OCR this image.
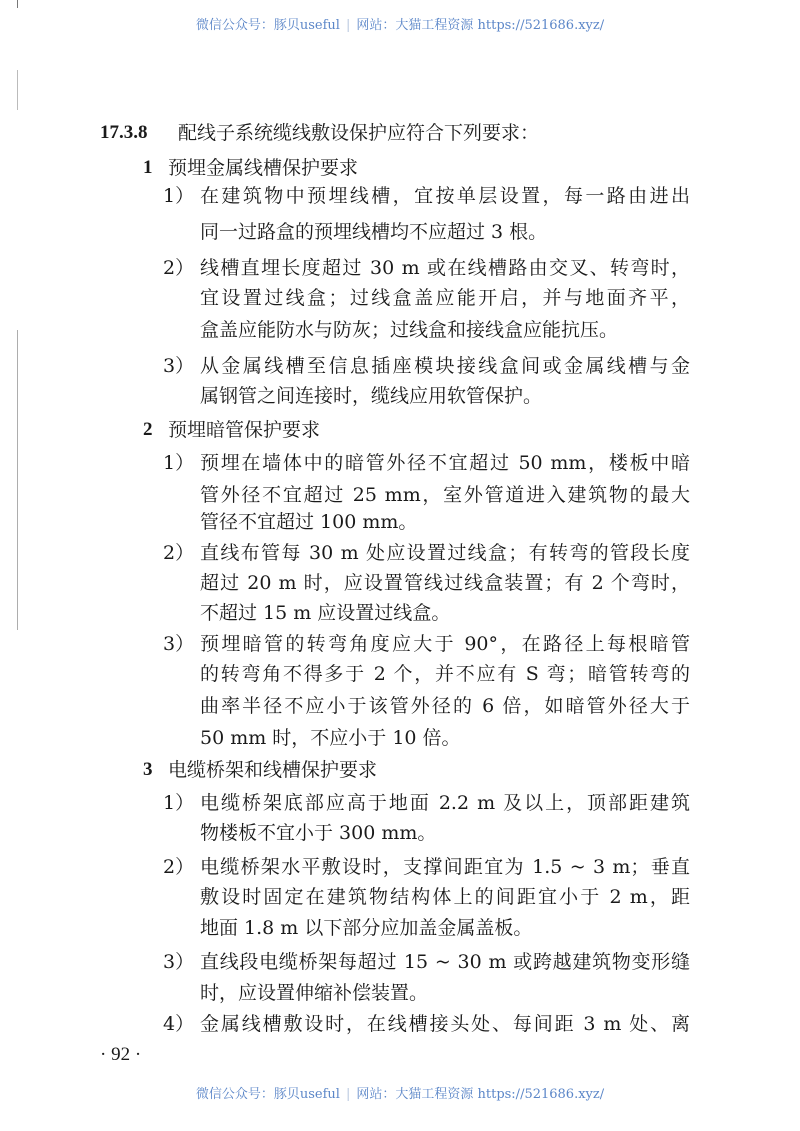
微信公众号：豚贝useful | 网站：大猫工程资源 https://521686.xyz/
17.3.8 配线子系统缆线敷设保护应符合下列要求：
1 预埋金属线槽保护要求
1） 在建筑物中预埋线槽，宜按单层设置，每一路由进出
同一过路盒的预埋线槽均不应超过 3 根。
2） 线槽直埋长度超过 30 m 或在线槽路由交叉、转弯时，
宜设置过线盒；过线盒盖应能开启，并与地面齐平，
盒盖应能防水与防灰；过线盒和接线盒应能抗压。
3） 从金属线槽至信息插座模块接线盒间或金属线槽与金
属钢管之间连接时，缆线应用软管保护。
2 预埋暗管保护要求
1） 预埋在墙体中的暗管外径不宜超过 50 mm，楼板中暗
管外径不宜超过 25 mm，室外管道进入建筑物的最大
管径不宜超过 100 mm。
2） 直线布管每 30 m 处应设置过线盒；有转弯的管段长度
超过 20 m 时，应设置管线过线盒装置；有 2 个弯时，
不超过 15 m 应设置过线盒。
3） 预埋暗管的转弯角度应大于 90°，在路径上每根暗管
的转弯角不得多于 2 个，并不应有 S 弯；暗管转弯的
曲率半径不应小于该管外径的 6 倍，如暗管外径大于
50 mm 时，不应小于 10 倍。
3 电缆桥架和线槽保护要求
1） 电缆桥架底部应高于地面 2.2 m 及以上，顶部距建筑
物楼板不宜小于 300 mm。
2） 电缆桥架水平敷设时，支撑间距宜为 1.5 ~ 3 m；垂直
敷设时固定在建筑物结构体上的间距宜小于 2 m，距
地面 1.8 m 以下部分应加盖金属盖板。
3） 直线段电缆桥架每超过 15 ~ 30 m 或跨越建筑物变形缝
时，应设置伸缩补偿装置。
4） 金属线槽敷设时，在线槽接头处、每间距 3 m 处、离
· 92 ·
微信公众号：豚贝useful | 网站：大猫工程资源 https://521686.xyz/
